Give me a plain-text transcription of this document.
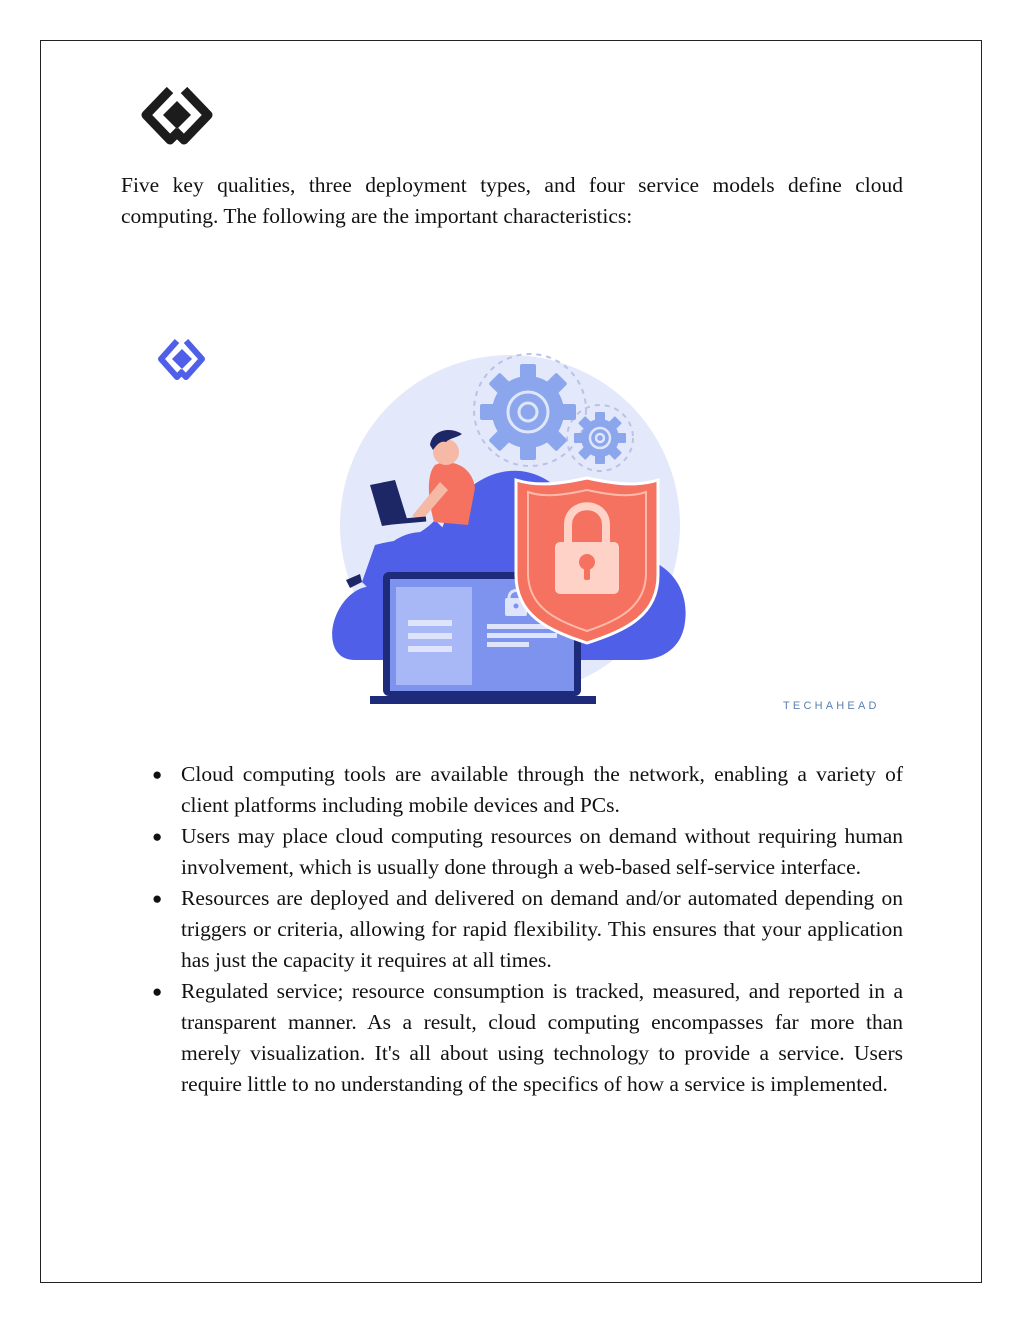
Five key qualities, three deployment types, and four service models define cloud computing. The following are the important characteristics:

TECHAHEAD
● Cloud computing tools are available through the network, enabling a variety of client platforms including mobile devices and PCs.
● Users may place cloud computing resources on demand without requiring human involvement, which is usually done through a web-based self-service interface.
● Resources are deployed and delivered on demand and/or automated depending on triggers or criteria, allowing for rapid flexibility. This ensures that your application has just the capacity it requires at all times.
● Regulated service; resource consumption is tracked, measured, and reported in a transparent manner. As a result, cloud computing encompasses far more than merely visualization. It's all about using technology to provide a service. Users require little to no understanding of the specifics of how a service is implemented.
